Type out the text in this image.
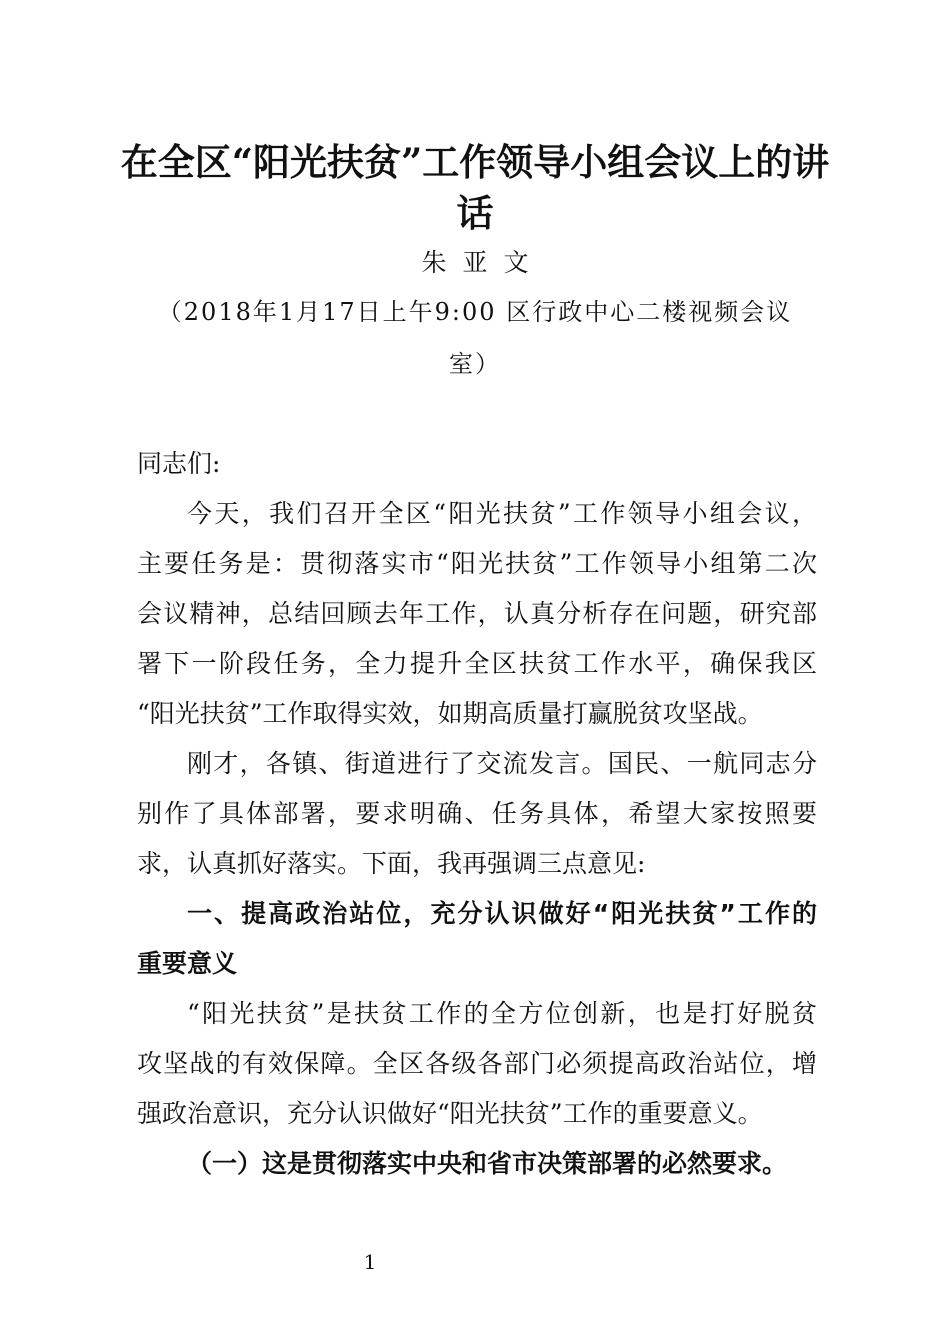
在全区“阳光扶贫”工作领导小组会议上的讲
话
朱亚文
（2018年1月17日上午9:00 区行政中心二楼视频会议
室）
同志们:
今天，我们召开全区“阳光扶贫”工作领导小组会议，
主要任务是：贯彻落实市“阳光扶贫”工作领导小组第二次
会议精神，总结回顾去年工作，认真分析存在问题，研究部
署下一阶段任务，全力提升全区扶贫工作水平，确保我区
“阳光扶贫”工作取得实效，如期高质量打赢脱贫攻坚战。
刚才，各镇、街道进行了交流发言。国民、一航同志分
别作了具体部署，要求明确、任务具体，希望大家按照要
求，认真抓好落实。下面，我再强调三点意见:
一、提高政治站位，充分认识做好“阳光扶贫”工作的
重要意义
“阳光扶贫”是扶贫工作的全方位创新，也是打好脱贫
攻坚战的有效保障。全区各级各部门必须提高政治站位，增
强政治意识，充分认识做好“阳光扶贫”工作的重要意义。
（一）这是贯彻落实中央和省市决策部署的必然要求。
1
